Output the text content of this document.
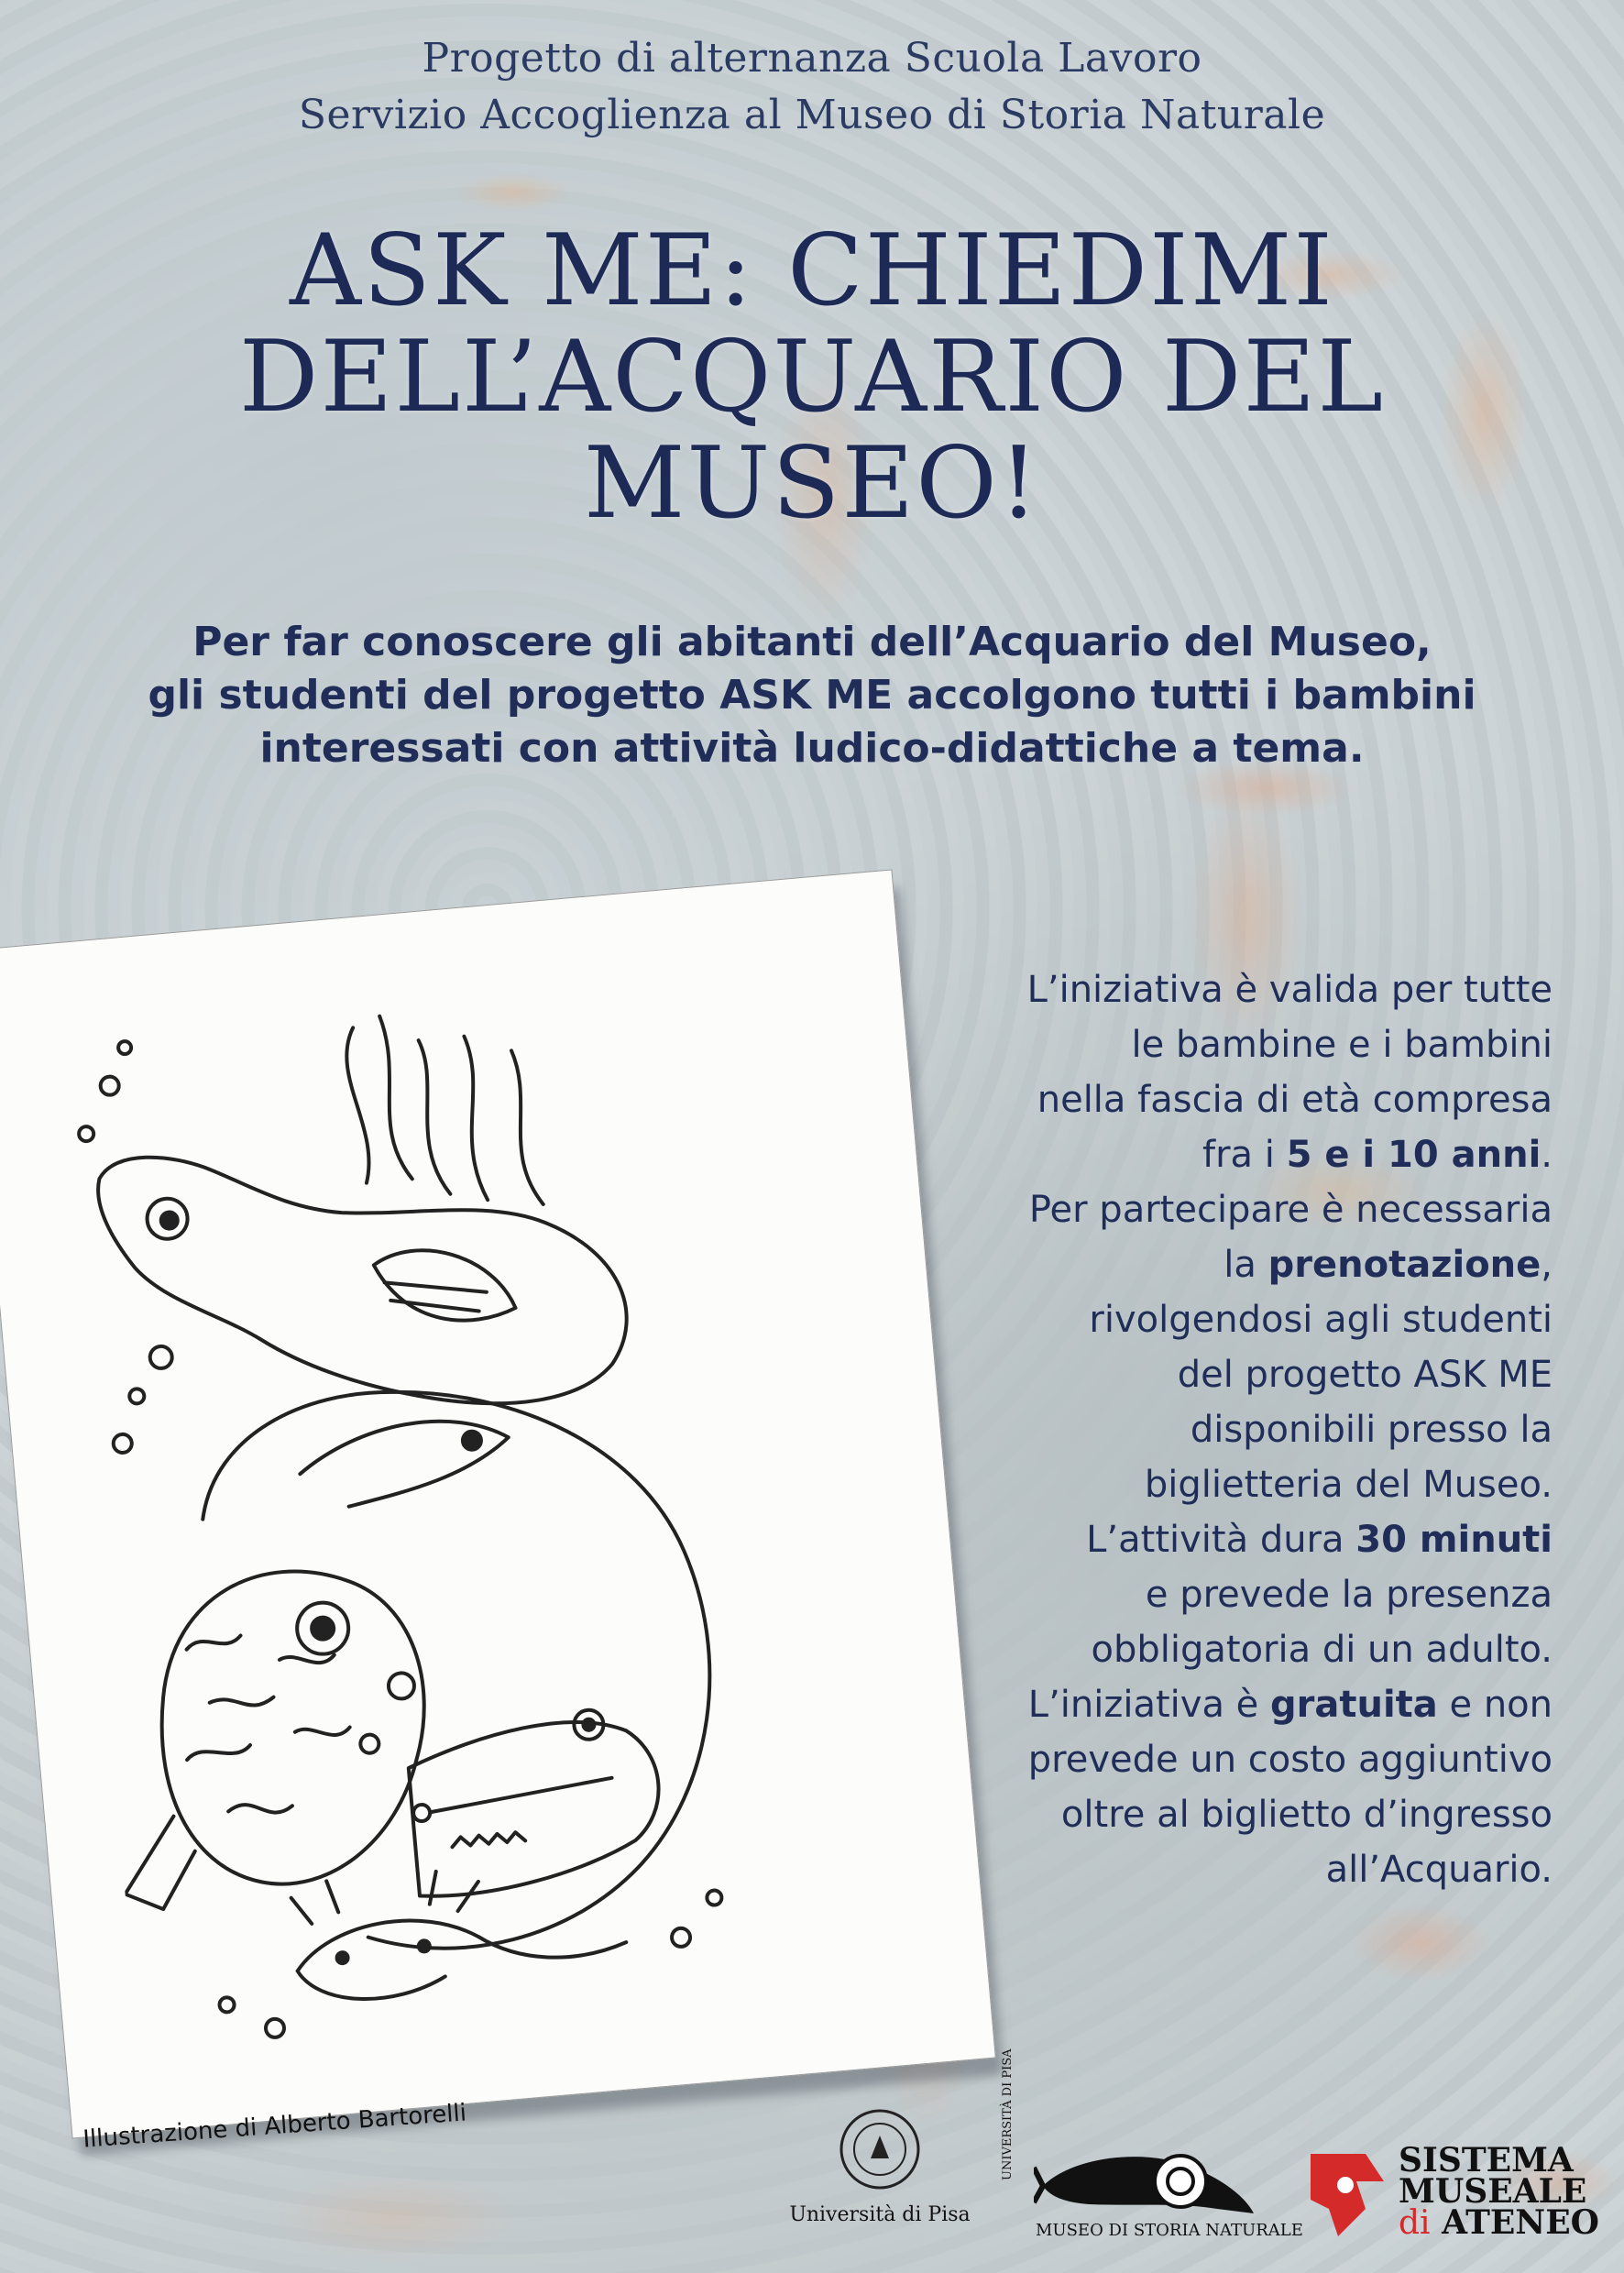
Progetto di alternanza Scuola Lavoro
Servizio Accoglienza al Museo di Storia Naturale
ASK ME: CHIEDIMI
DELL’ACQUARIO DEL
MUSEO!
Per far conoscere gli abitanti dell’Acquario del Museo,
gli studenti del progetto ASK ME accolgono tutti i bambini
interessati con attività ludico-didattiche a tema.
Illustrazione di Alberto Bartorelli
L’iniziativa è valida per tutte
le bambine e i bambini
nella fascia di età compresa
fra i 5 e i 10 anni.
Per partecipare è necessaria
la prenotazione,
rivolgendosi agli studenti
del progetto ASK ME
disponibili presso la
biglietteria del Museo.
L’attività dura 30 minuti
e prevede la presenza
obbligatoria di un adulto.
L’iniziativa è gratuita e non
prevede un costo aggiuntivo
oltre al biglietto d’ingresso
all’Acquario.
Università di Pisa
UNIVERSITÀ DI PISA
MUSEO DI STORIA NATURALE
SISTEMA
MUSEALE
di ATENEO
